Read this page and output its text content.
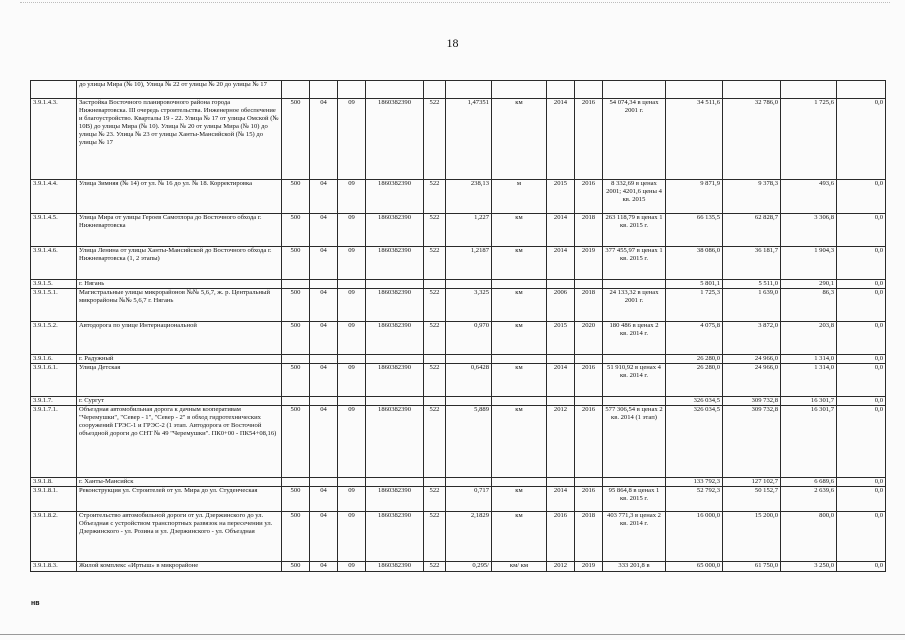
18
	до улицы Мира (№ 10), Улица № 22 от улицы № 20 до улицы № 17														
3.9.1.4.3.	Застройка Восточного планировочного района города Нижневартовска. III очередь строительства. Инженерное обеспечение и благоустройство. Кварталы 19 - 22. Улица № 17 от улицы Омской (№ 10В) до улицы Мира (№ 10). Улица № 20 от улицы Мира (№ 10) до улицы № 23. Улица № 23 от улицы Ханты-Мансийской (№ 15) до улицы № 17	500	04	09	1860382390	522	1,47351	км	2014	2016	54 074,34 в ценах 2001 г.	34 511,6	32 786,0	1 725,6	0,0
3.9.1.4.4.	Улица Зимняя (№ 14) от ул. № 16 до ул. № 18. Корректировка	500	04	09	1860382390	522	238,13	м	2015	2016	8 332,69 в ценах 2001; 4201,6 цены 4 кв. 2015	9 871,9	9 378,3	493,6	0,0
3.9.1.4.5.	Улица Мира от улицы Героев Самотлора до Восточного обхода г. Нижневартовска	500	04	09	1860382390	522	1,227	км	2014	2018	263 118,79 в ценах 1 кв. 2015 г.	66 135,5	62 828,7	3 306,8	0,0
3.9.1.4.6.	Улица Ленина от улицы Ханты-Мансийской до Восточного обхода г. Нижневартовска (1, 2 этапы)	500	04	09	1860382390	522	1,2187	км	2014	2019	377 455,97 в ценах 1 кв. 2015 г.	38 086,0	36 181,7	1 904,3	0,0
3.9.1.5.	г. Нягань											5 801,1	5 511,0	290,1	0,0
3.9.1.5.1.	Магистральные улицы микрорайонов №№ 5,6,7, ж. р. Центральный микрорайоны №№ 5,6,7 г. Нягань	500	04	09	1860382390	522	3,325	км	2006	2018	24 133,32 в ценах 2001 г.	1 725,3	1 639,0	86,3	0,0
3.9.1.5.2.	Автодорога по улице Интернациональной	500	04	09	1860382390	522	0,970	км	2015	2020	180 486 в ценах 2 кв. 2014 г.	4 075,8	3 872,0	203,8	0,0
3.9.1.6.	г. Радужный											26 280,0	24 966,0	1 314,0	0,0
3.9.1.6.1.	Улица Детская	500	04	09	1860382390	522	0,6428	км	2014	2016	51 910,92 в ценах 4 кв. 2014 г.	26 280,0	24 966,0	1 314,0	0,0
3.9.1.7.	г. Сургут											326 034,5	309 732,8	16 301,7	0,0
3.9.1.7.1.	Объездная автомобильная дорога к дачным кооперативам "Черемушки", "Север - 1", "Север - 2" в обход гидротехнических сооружений ГРЭС-1 и ГРЭС-2 (1 этап. Автодорога от Восточной объездной дороги до СНТ № 49 "Черемушки". ПК0+00 - ПК54+08,16)	500	04	09	1860382390	522	5,889	км	2012	2016	577 306,54 в ценах 2 кв. 2014 (1 этап)	326 034,5	309 732,8	16 301,7	0,0
3.9.1.8.	г. Ханты-Мансийск											133 792,3	127 102,7	6 689,6	0,0
3.9.1.8.1.	Реконструкция ул. Строителей от ул. Мира до ул. Студенческая	500	04	09	1860382390	522	0,717	км	2014	2016	95 864,8 в ценах 1 кв. 2015 г.	52 792,3	50 152,7	2 639,6	0,0
3.9.1.8.2.	Строительство автомобильной дороги от ул. Дзержинского до ул. Объездная с устройством транспортных развязок на пересечении ул. Дзержинского - ул. Розина и ул. Дзержинского - ул. Объездная	500	04	09	1860382390	522	2,1829	км	2016	2018	403 771,3 в ценах 2 кв. 2014 г.	16 000,0	15 200,0	800,0	0,0
3.9.1.8.3.	Жилой комплекс «Иртыш» в микрорайоне	500	04	09	1860382390	522	0,295/	км/ км	2012	2019	333 201,8 в	65 000,0	61 750,0	3 250,0	0,0
нв
